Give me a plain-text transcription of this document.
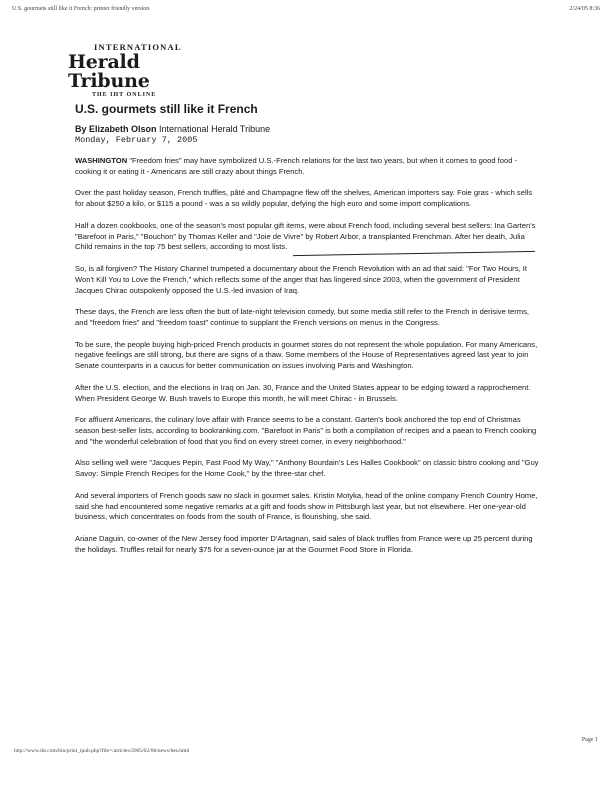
U.S. gourmets still like it French: printer friendly version	2/24/05 8:36
INTERNATIONAL
Herald Tribune
THE IHT ONLINE
U.S. gourmets still like it French
By Elizabeth Olson International Herald Tribune
Monday, February 7, 2005

WASHINGTON "Freedom fries" may have symbolized U.S.-French relations for the last two years, but when it comes to good food - cooking it or eating it - Americans are still crazy about things French.

Over the past holiday season, French truffles, pâté and Champagne flew off the shelves, American importers say. Foie gras - which sells for about $250 a kilo, or $115 a pound - was a so wildly popular, defying the high euro and some import complications.

Half a dozen cookbooks, one of the season's most popular gift items, were about French food, including several best sellers: Ina Garten's "Barefoot in Paris," "Bouchon" by Thomas Keller and "Joie de Vivre" by Robert Arbor, a transplanted Frenchman. After her death, Julia Child remains in the top 75 best sellers, according to most lists.

So, is all forgiven? The History Channel trumpeted a documentary about the French Revolution with an ad that said: "For Two Hours, It Won't Kill You to Love the French," which reflects some of the anger that has lingered since 2003, when the government of President Jacques Chirac outspokenly opposed the U.S.-led invasion of Iraq.

These days, the French are less often the butt of late-night television comedy, but some media still refer to the French in derisive terms, and "freedom fries" and "freedom toast" continue to supplant the French versions on menus in the Congress.

To be sure, the people buying high-priced French products in gourmet stores do not represent the whole population. For many Americans, negative feelings are still strong, but there are signs of a thaw. Some members of the House of Representatives agreed last year to join Senate counterparts in a caucus for better communication on issues involving Paris and Washington.

After the U.S. election, and the elections in Iraq on Jan. 30, France and the United States appear to be edging toward a rapprochement. When President George W. Bush travels to Europe this month, he will meet Chirac - in Brussels.

For affluent Americans, the culinary love affair with France seems to be a constant. Garten's book anchored the top end of Christmas season best-seller lists, according to bookranking.com. "Barefoot in Paris" is both a compilation of recipes and a paean to French cooking and "the wonderful celebration of food that you find on every street corner, in every neighborhood."

Also selling well were "Jacques Pepin, Fast Food My Way," "Anthony Bourdain's Les Halles Cookbook" on classic bistro cooking and "Guy Savoy: Simple French Recipes for the Home Cook," by the three-star chef.

And several importers of French goods saw no slack in gourmet sales. Kristin Motyka, head of the online company French Country Home, said she had encountered some negative remarks at a gift and foods show in Pittsburgh last year, but not elsewhere. Her one-year-old business, which concentrates on foods from the south of France, is flourishing, she said.

Ariane Daguin, co-owner of the New Jersey food importer D'Artagnan, said sales of black truffles from France were up 25 percent during the holidays. Truffles retail for nearly $75 for a seven-ounce jar at the Gourmet Food Store in Florida.

http://www.iht.com/bin/print_ipub.php?file=/articles/2005/02/06/news/bes.html
Page 1
